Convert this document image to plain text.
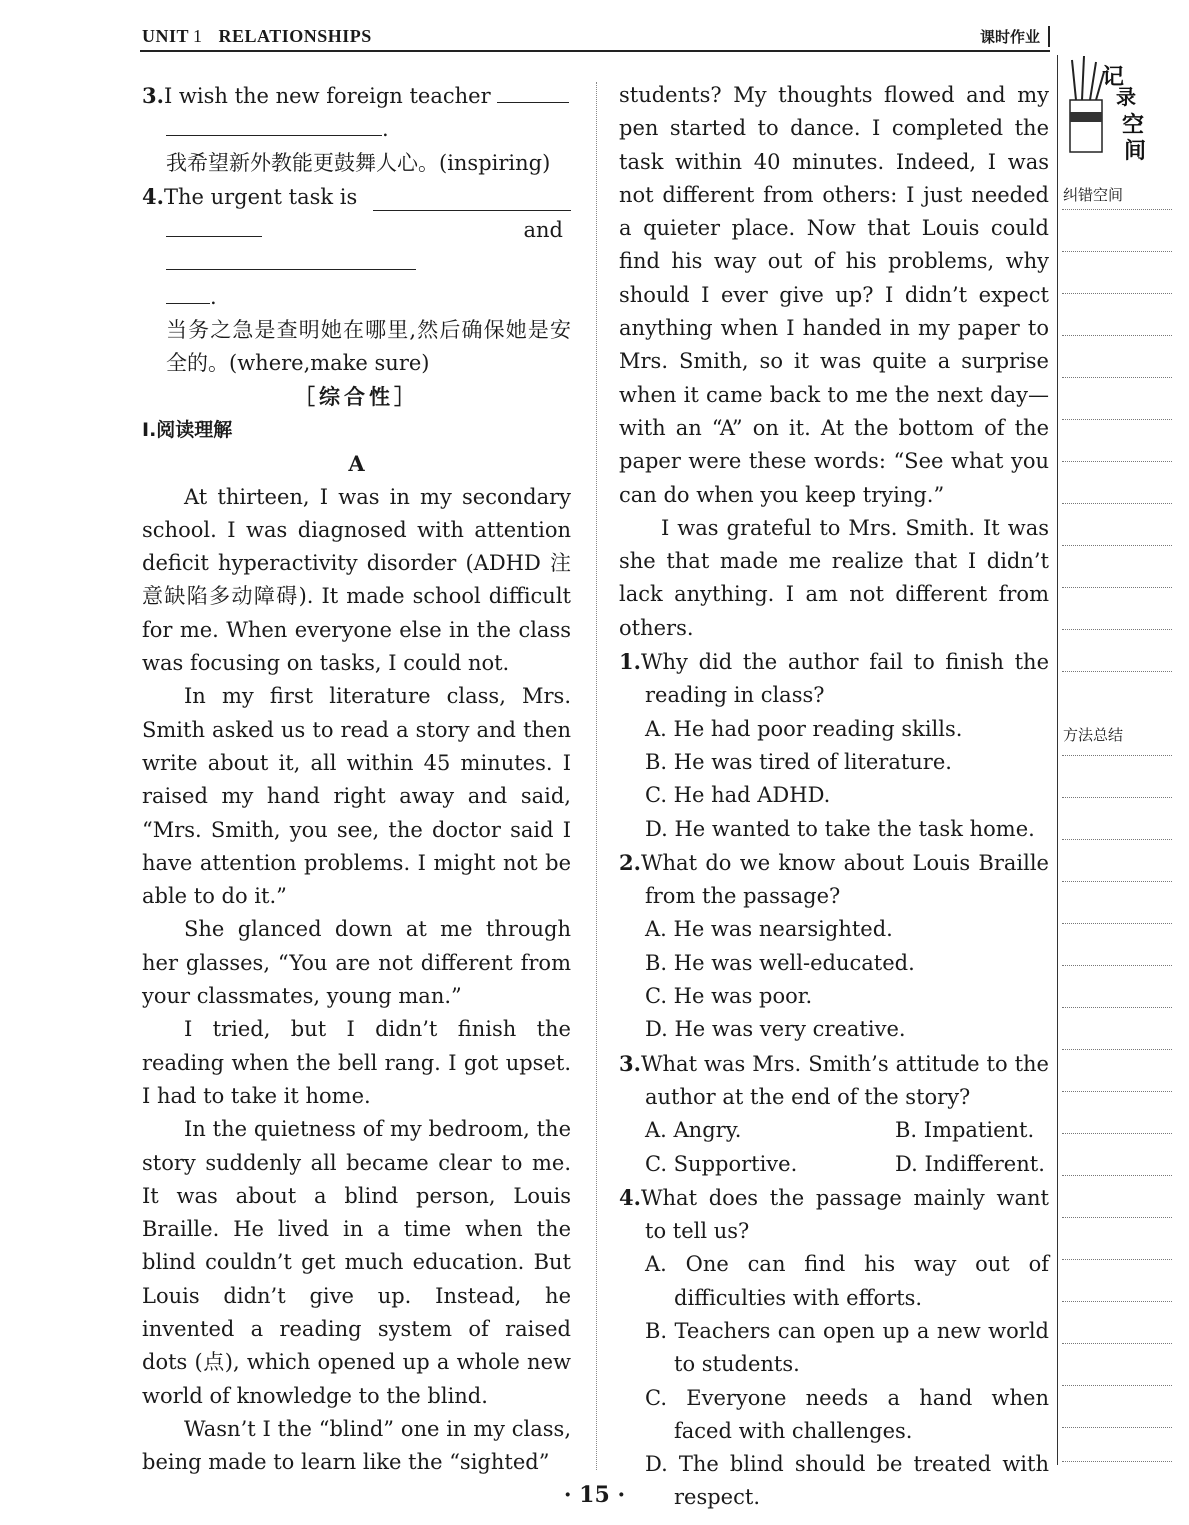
UNIT 1 RELATIONSHIPS	课时作业
记
录
空
间
纠错空间
方法总结
3.I wish the new foreign teacher
.
我希望新外教能更鼓舞人心。(inspiring)
4.The urgent task is
and
.
当务之急是查明她在哪里,然后确保她是安全的。(where,make sure)
［综合性］
Ⅰ.阅读理解
A

At thirteen, I was in my secondary school. I was diagnosed with attention deficit hyperactivity disorder (ADHD 注意缺陷多动障碍). It made school difficult for me. When everyone else in the class was focusing on tasks, I could not.

In my first literature class, Mrs. Smith asked us to read a story and then write about it, all within 45 minutes. I raised my hand right away and said, “Mrs. Smith, you see, the doctor said I have attention problems. I might not be able to do it.”

She glanced down at me through her glasses, “You are not different from your classmates, young man.”

I tried, but I didn’t finish the reading when the bell rang. I got upset. I had to take it home.

In the quietness of my bedroom, the story suddenly all became clear to me. It was about a blind person, Louis Braille. He lived in a time when the blind couldn’t get much education. But Louis didn’t give up. Instead, he invented a reading system of raised dots (点), which opened up a whole new world of knowledge to the blind.

Wasn’t I the “blind” one in my class, being made to learn like the “sighted”

students? My thoughts flowed and my pen started to dance. I completed the task within 40 minutes. Indeed, I was not different from others: I just needed a quieter place. Now that Louis could find his way out of his problems, why should I ever give up? I didn’t expect anything when I handed in my paper to Mrs. Smith, so it was quite a surprise when it came back to me the next day—with an “A” on it. At the bottom of the paper were these words: “See what you can do when you keep trying.”

I was grateful to Mrs. Smith. It was she that made me realize that I didn’t lack anything. I am not different from others.

1.Why did the author fail to finish the reading in class?
A. He had poor reading skills.
B. He was tired of literature.
C. He had ADHD.
D. He wanted to take the task home.
2.What do we know about Louis Braille from the passage?
A. He was nearsighted.
B. He was well-educated.
C. He was poor.
D. He was very creative.
3.What was Mrs. Smith’s attitude to the author at the end of the story?
A. Angry.	B. Impatient.
C. Supportive.	D. Indifferent.
4.What does the passage mainly want to tell us?
A. One can find his way out of difficulties with efforts.
B. Teachers can open up a new world to students.
C. Everyone needs a hand when faced with challenges.
D. The blind should be treated with respect.
· 15 ·
